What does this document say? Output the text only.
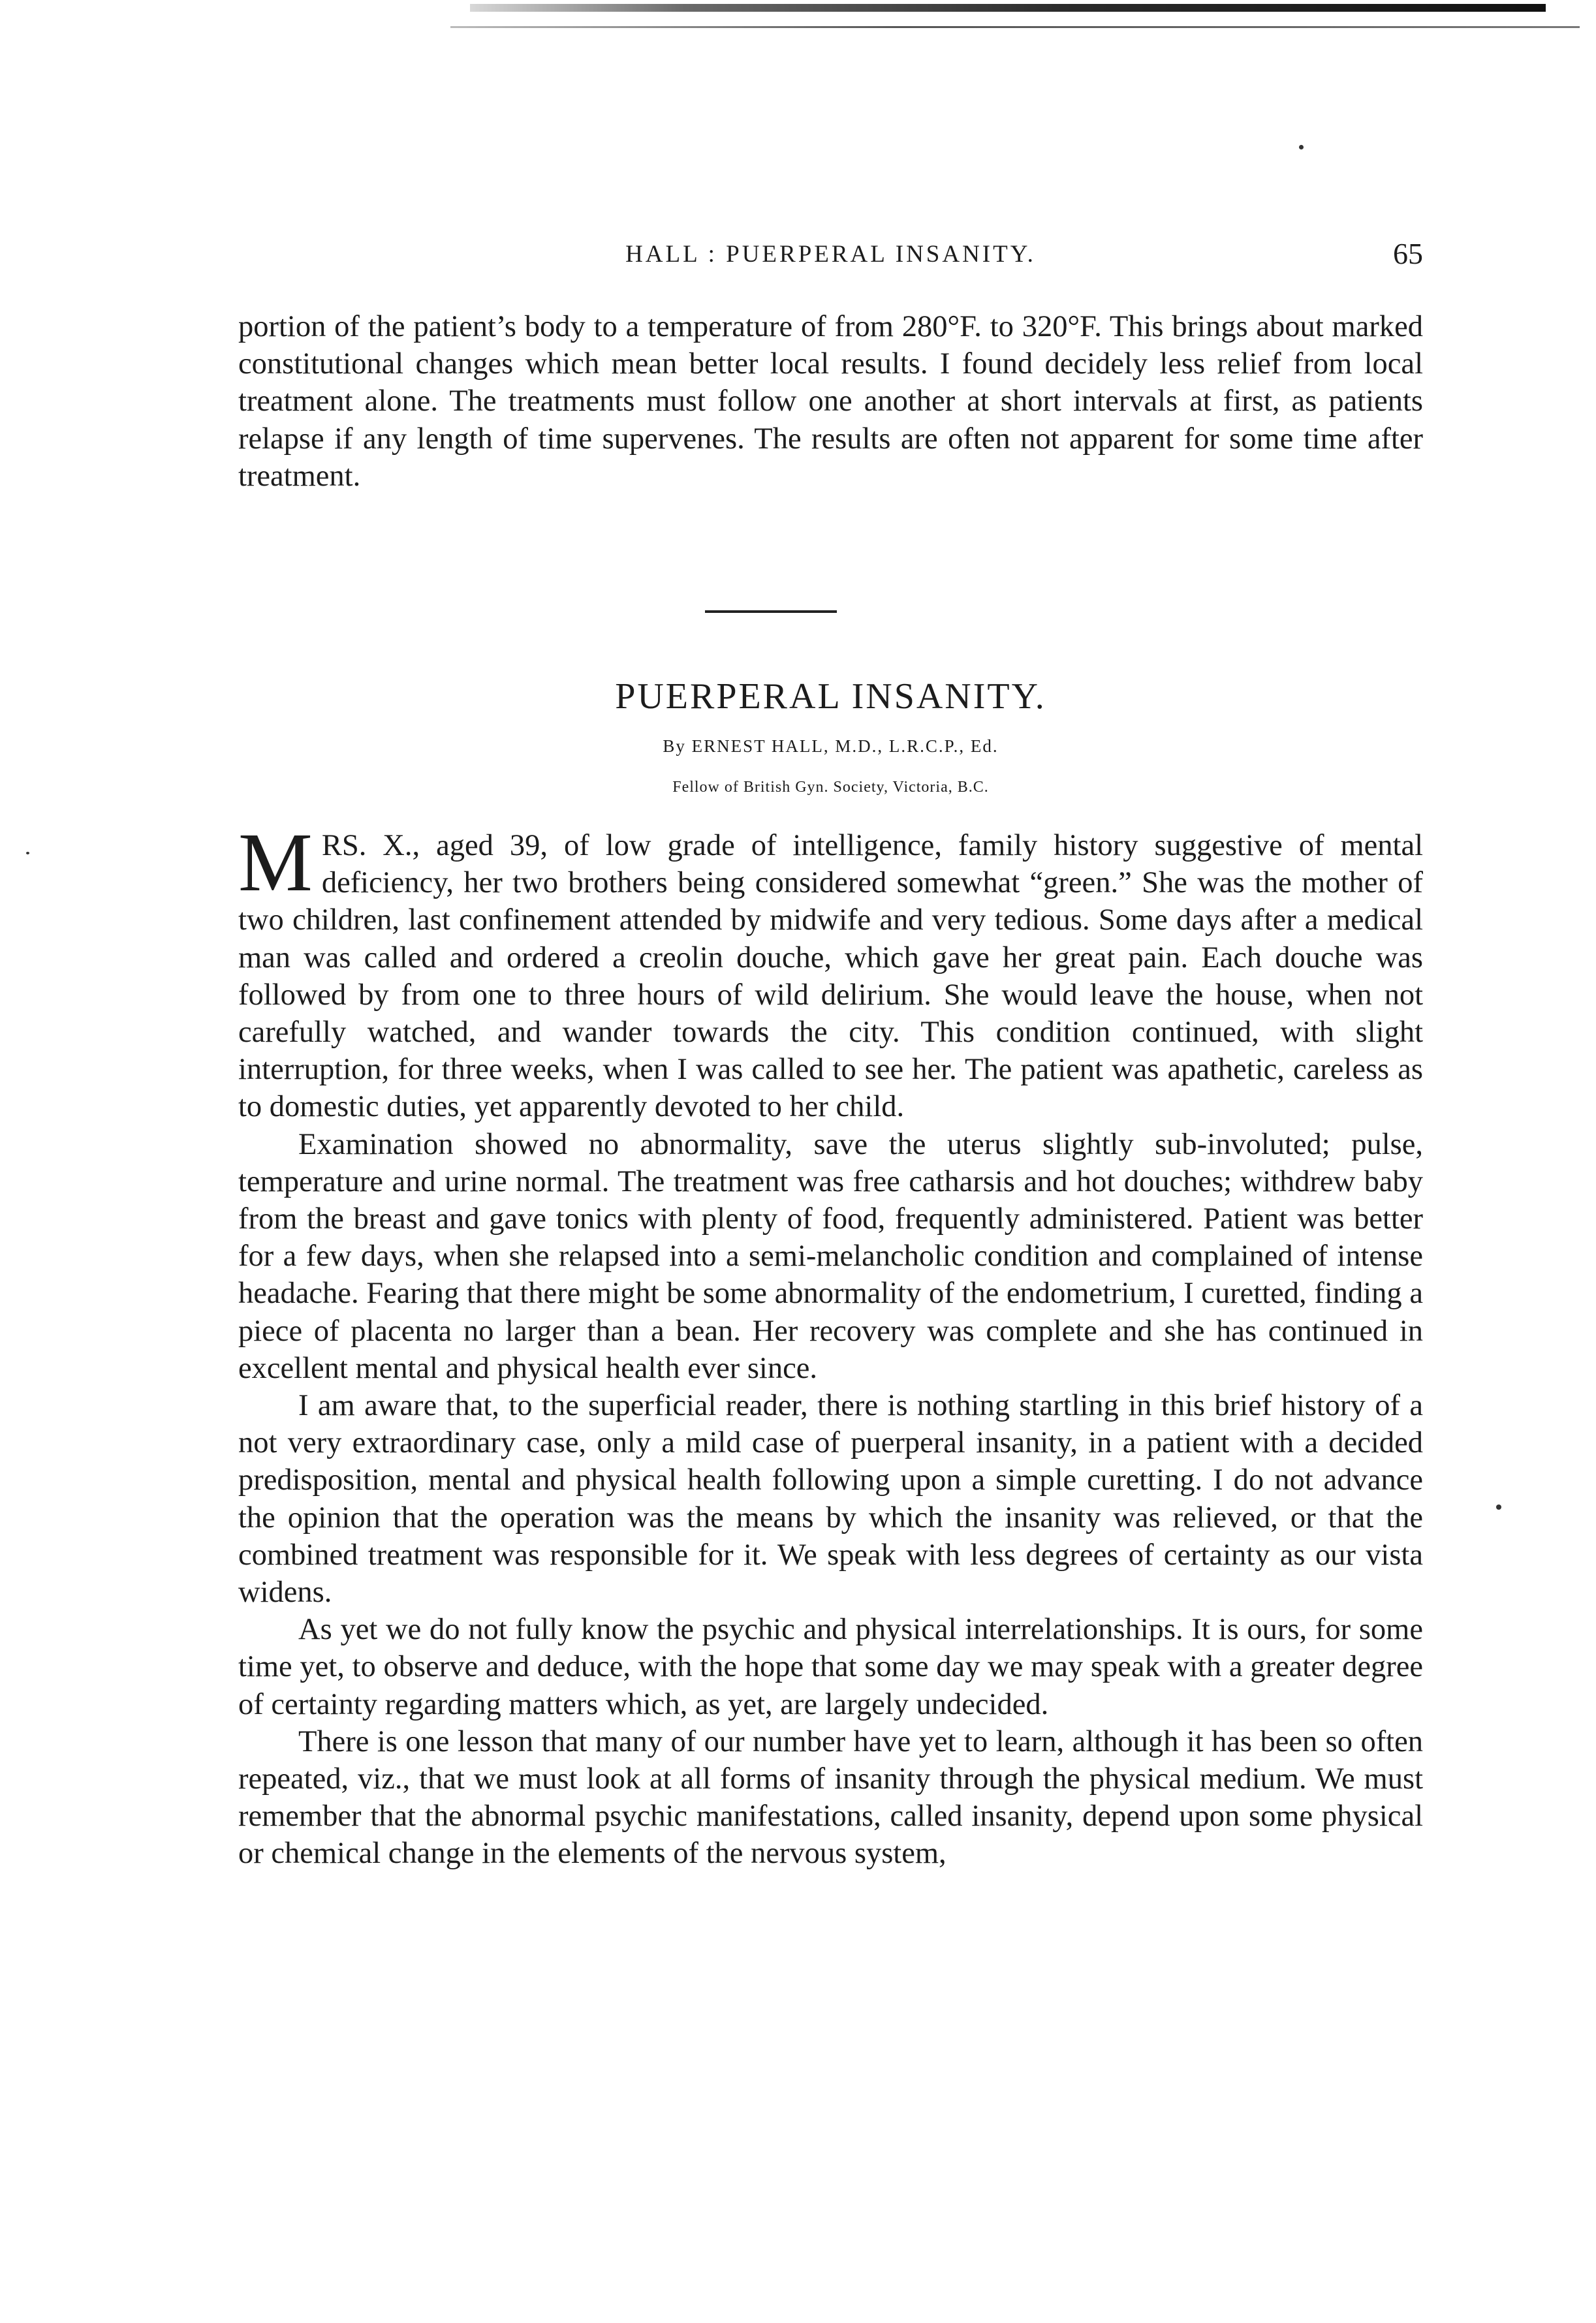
HALL : PUERPERAL INSANITY.	65

portion of the patient’s body to a temperature of from 280°F. to 320°F. This brings about marked constitutional changes which mean better local results. I found decidely less relief from local treatment alone. The treatments must follow one another at short intervals at first, as patients relapse if any length of time supervenes. The results are often not apparent for some time after treatment.

PUERPERAL INSANITY.
By ERNEST HALL, M.D., L.R.C.P., Ed.
Fellow of British Gyn. Society, Victoria, B.C.

MRS. X., aged 39, of low grade of intelligence, family history suggestive of mental deficiency, her two brothers being considered somewhat “green.” She was the mother of two children, last confinement attended by midwife and very tedious. Some days after a medical man was called and ordered a creolin douche, which gave her great pain. Each douche was followed by from one to three hours of wild delirium. She would leave the house, when not carefully watched, and wander towards the city. This condition continued, with slight interruption, for three weeks, when I was called to see her. The patient was apathetic, careless as to domestic duties, yet apparently devoted to her child.

Examination showed no abnormality, save the uterus slightly sub-involuted; pulse, temperature and urine normal. The treatment was free catharsis and hot douches; withdrew baby from the breast and gave tonics with plenty of food, frequently administered. Patient was better for a few days, when she relapsed into a semi-melancholic condition and complained of intense headache. Fearing that there might be some abnormality of the endometrium, I curetted, finding a piece of placenta no larger than a bean. Her recovery was complete and she has continued in excellent mental and physical health ever since.

I am aware that, to the superficial reader, there is nothing startling in this brief history of a not very extraordinary case, only a mild case of puerperal insanity, in a patient with a decided predisposition, mental and physical health following upon a simple curetting. I do not advance the opinion that the operation was the means by which the insanity was relieved, or that the combined treatment was responsible for it. We speak with less degrees of certainty as our vista widens.

As yet we do not fully know the psychic and physical interrelationships. It is ours, for some time yet, to observe and deduce, with the hope that some day we may speak with a greater degree of certainty regarding matters which, as yet, are largely undecided.

There is one lesson that many of our number have yet to learn, although it has been so often repeated, viz., that we must look at all forms of insanity through the physical medium. We must remember that the abnormal psychic manifestations, called insanity, depend upon some physical or chemical change in the elements of the nervous system,
